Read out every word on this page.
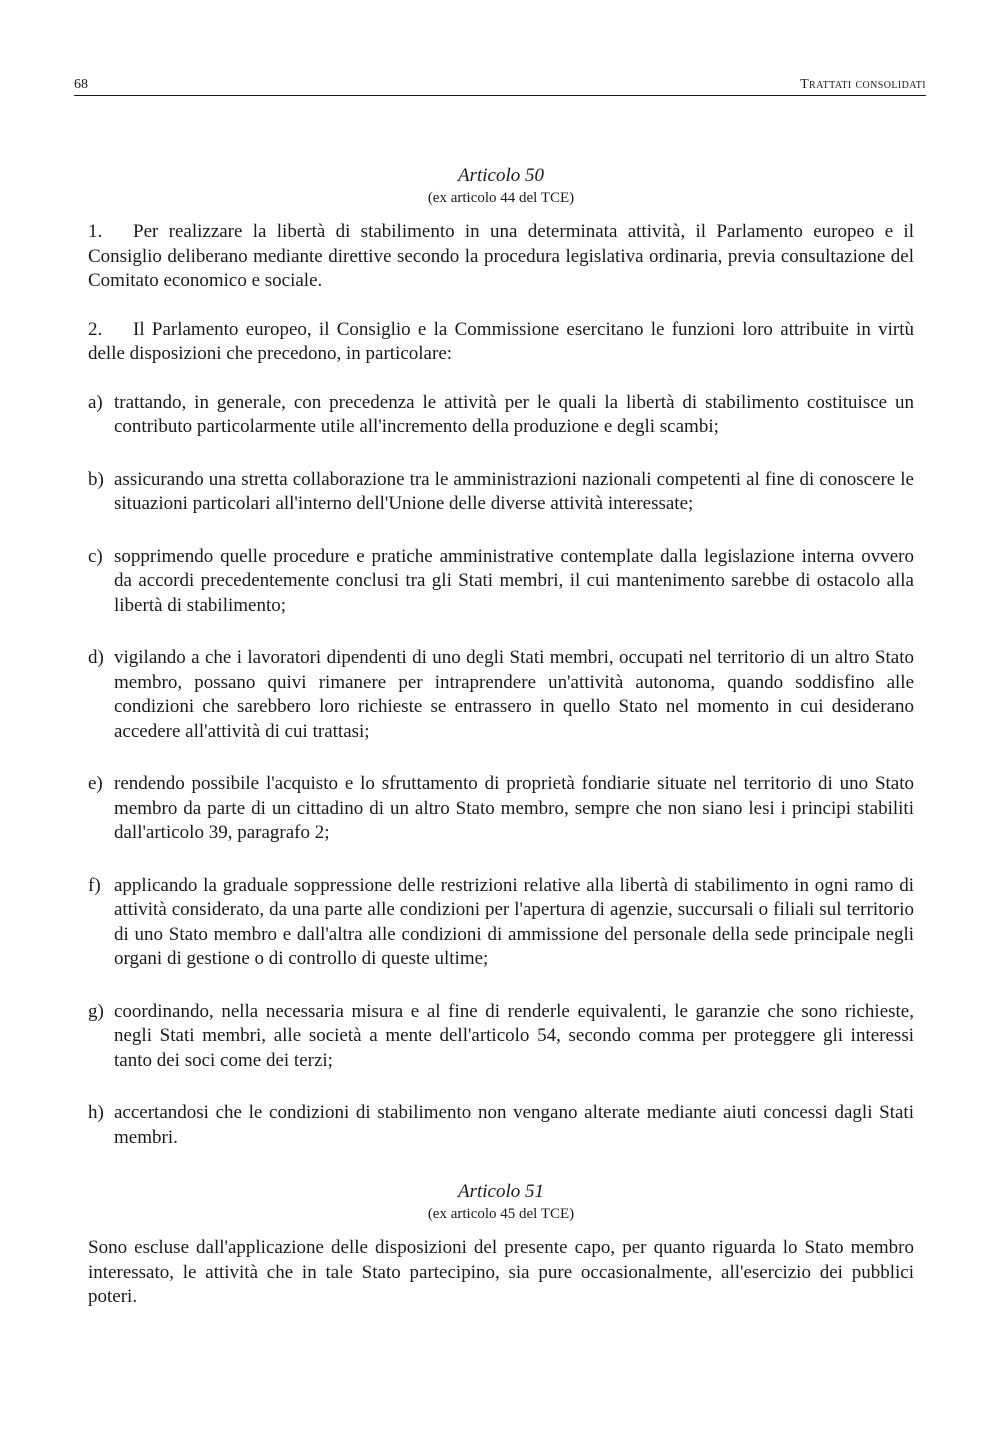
68	Trattati consolidati
Articolo 50
(ex articolo 44 del TCE)

1. Per realizzare la libertà di stabilimento in una determinata attività, il Parlamento europeo e il Consiglio deliberano mediante direttive secondo la procedura legislativa ordinaria, previa consultazione del Comitato economico e sociale.

2. Il Parlamento europeo, il Consiglio e la Commissione esercitano le funzioni loro attribuite in virtù delle disposizioni che precedono, in particolare:

a) trattando, in generale, con precedenza le attività per le quali la libertà di stabilimento costituisce un contributo particolarmente utile all'incremento della produzione e degli scambi;
b) assicurando una stretta collaborazione tra le amministrazioni nazionali competenti al fine di conoscere le situazioni particolari all'interno dell'Unione delle diverse attività interessate;
c) sopprimendo quelle procedure e pratiche amministrative contemplate dalla legislazione interna ovvero da accordi precedentemente conclusi tra gli Stati membri, il cui mantenimento sarebbe di ostacolo alla libertà di stabilimento;
d) vigilando a che i lavoratori dipendenti di uno degli Stati membri, occupati nel territorio di un altro Stato membro, possano quivi rimanere per intraprendere un'attività autonoma, quando soddisfino alle condizioni che sarebbero loro richieste se entrassero in quello Stato nel momento in cui desiderano accedere all'attività di cui trattasi;
e) rendendo possibile l'acquisto e lo sfruttamento di proprietà fondiarie situate nel territorio di uno Stato membro da parte di un cittadino di un altro Stato membro, sempre che non siano lesi i principi stabiliti dall'articolo 39, paragrafo 2;
f) applicando la graduale soppressione delle restrizioni relative alla libertà di stabilimento in ogni ramo di attività considerato, da una parte alle condizioni per l'apertura di agenzie, succursali o filiali sul territorio di uno Stato membro e dall'altra alle condizioni di ammissione del personale della sede principale negli organi di gestione o di controllo di queste ultime;
g) coordinando, nella necessaria misura e al fine di renderle equivalenti, le garanzie che sono richieste, negli Stati membri, alle società a mente dell'articolo 54, secondo comma per proteggere gli interessi tanto dei soci come dei terzi;
h) accertandosi che le condizioni di stabilimento non vengano alterate mediante aiuti concessi dagli Stati membri.
Articolo 51
(ex articolo 45 del TCE)

Sono escluse dall'applicazione delle disposizioni del presente capo, per quanto riguarda lo Stato membro interessato, le attività che in tale Stato partecipino, sia pure occasionalmente, all'esercizio dei pubblici poteri.
